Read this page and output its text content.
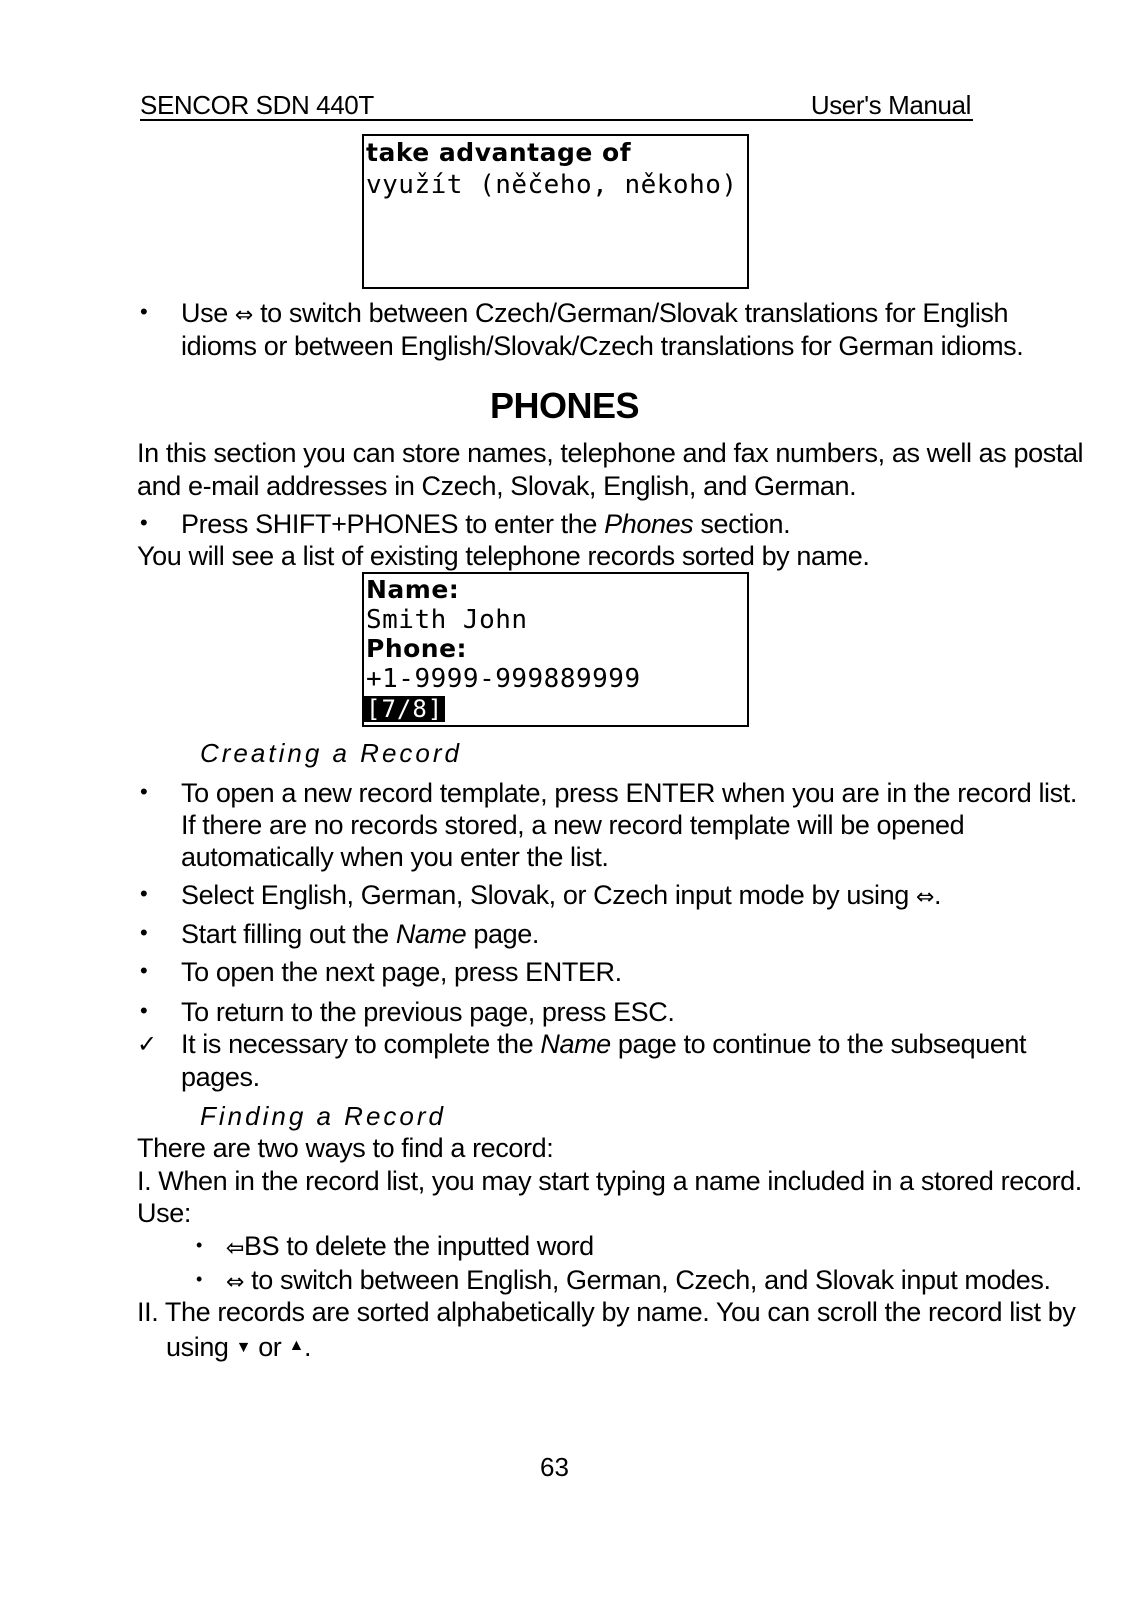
SENCOR SDN 440T	User's Manual
take advantage of
využít (něčeho, někoho)
• Use ⇔ to switch between Czech/German/Slovak translations for English
idioms or between English/Slovak/Czech translations for German idioms.
PHONES
In this section you can store names, telephone and fax numbers, as well as postal
and e-mail addresses in Czech, Slovak, English, and German.
• Press SHIFT+PHONES to enter the Phones section.
You will see a list of existing telephone records sorted by name.
Name:
Smith John
Phone:
+1-9999-999889999
[7/8]
Creating a Record
• To open a new record template, press ENTER when you are in the record list.
If there are no records stored, a new record template will be opened
automatically when you enter the list.
• Select English, German, Slovak, or Czech input mode by using ⇔.
• Start filling out the Name page.
• To open the next page, press ENTER.
• To return to the previous page, press ESC.
✓ It is necessary to complete the Name page to continue to the subsequent
pages.
Finding a Record
There are two ways to find a record:
I. When in the record list, you may start typing a name included in a stored record.
Use:
• ⇦BS to delete the inputted word
• ⇔ to switch between English, German, Czech, and Slovak input modes.
II. The records are sorted alphabetically by name. You can scroll the record list by
using ▼ or ▲.
63
